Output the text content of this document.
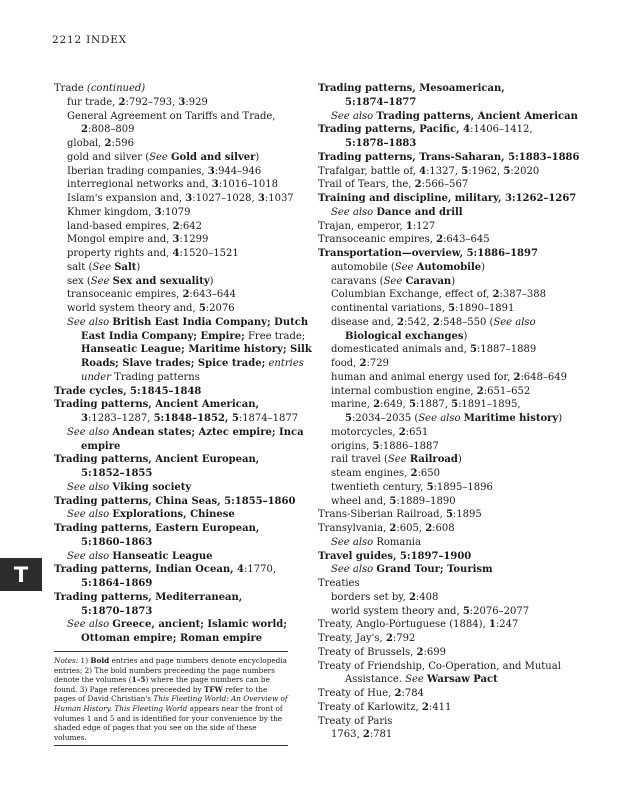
2212 INDEX
Trade (continued)
fur trade, 2:792–793, 3:929
General Agreement on Tariffs and Trade,
2:808–809
global, 2:596
gold and silver (See Gold and silver)
Iberian trading companies, 3:944–946
interregional networks and, 3:1016–1018
Islam's expansion and, 3:1027–1028, 3:1037
Khmer kingdom, 3:1079
land-based empires, 2:642
Mongol empire and, 3:1299
property rights and, 4:1520–1521
salt (See Salt)
sex (See Sex and sexuality)
transoceanic empires, 2:643–644
world system theory and, 5:2076
See also British East India Company; Dutch
East India Company; Empire; Free trade;
Hanseatic League; Maritime history; Silk
Roads; Slave trades; Spice trade; entries
under Trading patterns
Trade cycles, 5:1845–1848
Trading patterns, Ancient American,
3:1283–1287, 5:1848–1852, 5:1874–1877
See also Andean states; Aztec empire; Inca
empire
Trading patterns, Ancient European,
5:1852–1855
See also Viking society
Trading patterns, China Seas, 5:1855–1860
See also Explorations, Chinese
Trading patterns, Eastern European,
5:1860–1863
See also Hanseatic League
Trading patterns, Indian Ocean, 4:1770,
5:1864–1869
Trading patterns, Mediterranean,
5:1870–1873
See also Greece, ancient; Islamic world;
Ottoman empire; Roman empire
Trading patterns, Mesoamerican,
5:1874–1877
See also Trading patterns, Ancient American
Trading patterns, Pacific, 4:1406–1412,
5:1878–1883
Trading patterns, Trans-Saharan, 5:1883–1886
Trafalgar, battle of, 4:1327, 5:1962, 5:2020
Trail of Tears, the, 2:566–567
Training and discipline, military, 3:1262–1267
See also Dance and drill
Trajan, emperor, 1:127
Transoceanic empires, 2:643–645
Transportation—overview, 5:1886–1897
automobile (See Automobile)
caravans (See Caravan)
Columbian Exchange, effect of, 2:387–388
continental variations, 5:1890–1891
disease and, 2:542, 2:548–550 (See also
Biological exchanges)
domesticated animals and, 5:1887–1889
food, 2:729
human and animal energy used for, 2:648–649
internal combustion engine, 2:651–652
marine, 2:649, 5:1887, 5:1891–1895,
5:2034–2035 (See also Maritime history)
motorcycles, 2:651
origins, 5:1886–1887
rail travel (See Railroad)
steam engines, 2:650
twentieth century, 5:1895–1896
wheel and, 5:1889–1890
Trans-Siberian Railroad, 5:1895
Transylvania, 2:605, 2:608
See also Romania
Travel guides, 5:1897–1900
See also Grand Tour; Tourism
Treaties
borders set by, 2:408
world system theory and, 5:2076–2077
Treaty, Anglo-Portuguese (1884), 1:247
Treaty, Jay's, 2:792
Treaty of Brussels, 2:699
Treaty of Friendship, Co-Operation, and Mutual
Assistance. See Warsaw Pact
Treaty of Hue, 2:784
Treaty of Karlowitz, 2:411
Treaty of Paris
1763, 2:781
Notes: 1) Bold entries and page numbers denote encyclopedia entries; 2) The bold numbers preceeding the page numbers denote the volumes (1–5) where the page numbers can be found. 3) Page references preceeded by TFW refer to the pages of David Christian's This Fleeting World: An Overview of Human History. This Fleeting World appears near the front of volumes 1 and 5 and is identified for your convenience by the shaded edge of pages that you see on the side of these volumes.
T
